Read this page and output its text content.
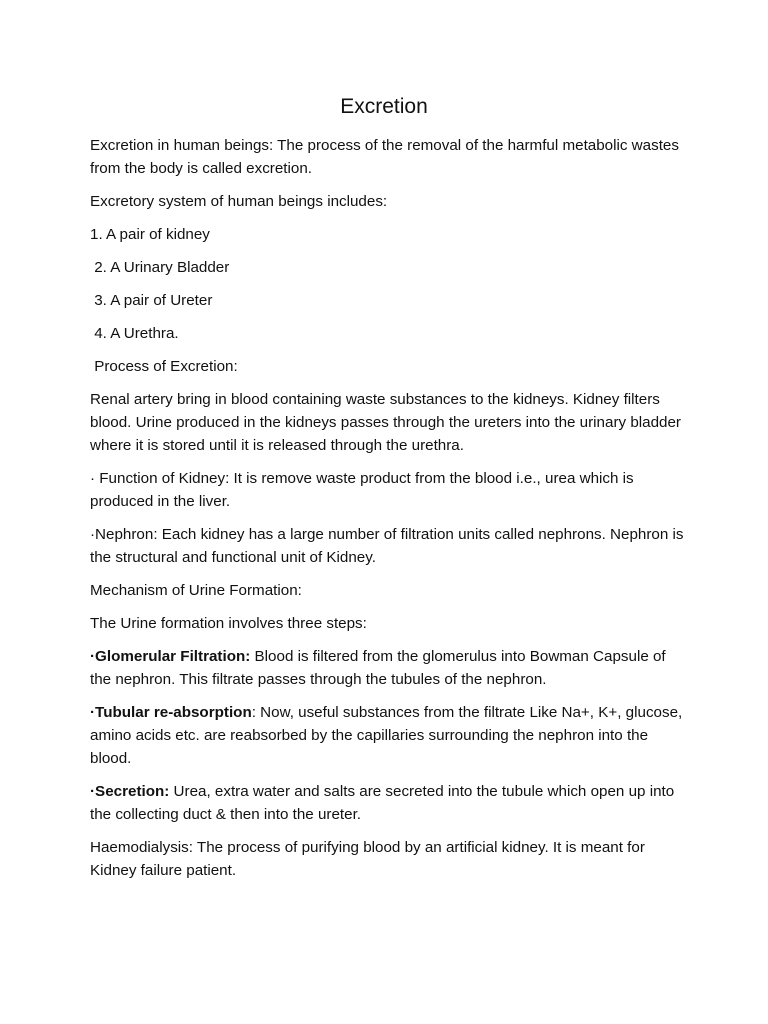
Excretion

Excretion in human beings: The process of the removal of the harmful metabolic wastes from the body is called excretion.

Excretory system of human beings includes:

1. A pair of kidney

2. A Urinary Bladder

3. A pair of Ureter

4. A Urethra.

Process of Excretion:

Renal artery bring in blood containing waste substances to the kidneys. Kidney filters blood. Urine produced in the kidneys passes through the ureters into the urinary bladder where it is stored until it is released through the urethra.

· Function of Kidney: It is remove waste product from the blood i.e., urea which is produced in the liver.

·Nephron: Each kidney has a large number of filtration units called nephrons. Nephron is the structural and functional unit of Kidney.

Mechanism of Urine Formation:

The Urine formation involves three steps:

·Glomerular Filtration: Blood is filtered from the glomerulus into Bowman Capsule of the nephron. This filtrate passes through the tubules of the nephron.

·Tubular re-absorption: Now, useful substances from the filtrate Like Na+, K+, glucose, amino acids etc. are reabsorbed by the capillaries surrounding the nephron into the blood.

·Secretion: Urea, extra water and salts are secreted into the tubule which open up into the collecting duct & then into the ureter.

Haemodialysis: The process of purifying blood by an artificial kidney. It is meant for Kidney failure patient.
